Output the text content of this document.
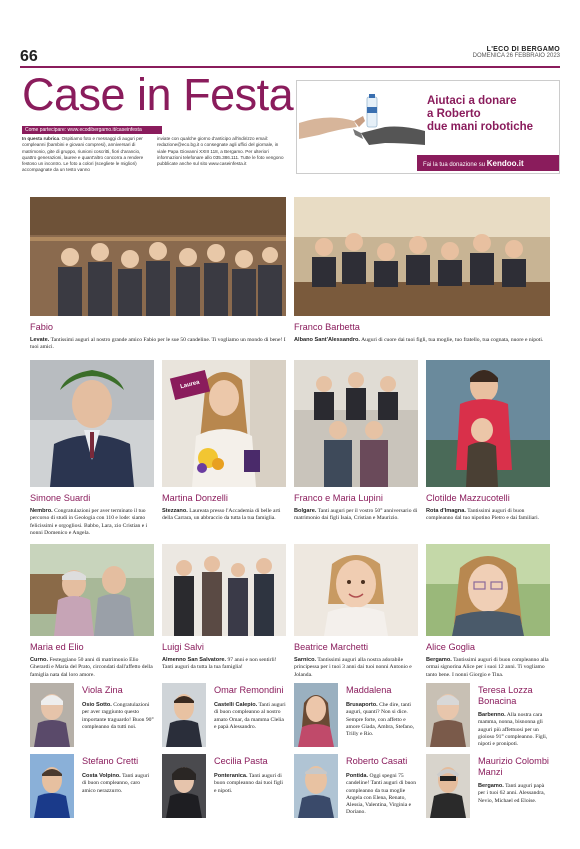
66	L'ECO DI BERGAMO
DOMENICA 26 FEBBRAIO 2023
Case in Festa
Come partecipare: www.ecodibergamo.it/caseinfesta
In questa rubrica. Ospitiamo foto e messaggi di auguri per compleanni (bambini e giovani compresi), anniversari di matrimonio, gite di gruppo, riunioni coscritti, fiori d'arancio, quattro generazioni, lauree e quant'altro concorra a rendere festoso un incontro. Le foto a colori (scegliete le migliori) accompagnate da un testo vanno
inviate con qualche giorno d'anticipo all'indirizzo email: redazione@eco.bg.it o consegnate agli uffici del giornale, in viale Papa Giovanni XXIII 118, a Bergamo. Per ulteriori informazioni telefonare allo 035.386.111. Tutte le foto vengono pubblicate anche sul sito www.caseinfesta.it
Aiutaci a donare
a Roberto
due mani robotiche
Fai la tua donazione su Kendoo.it
Fabio
Levate. Tantissimi auguri al nostro grande amico Fabio per le sue 50 candeline. Ti vogliamo un mondo di bene! I tuoi amici.
Franco Barbetta
Albano Sant'Alessandro. Auguri di cuore dai tuoi figli, tua moglie, tuo fratello, tua cognata, nuore e nipoti.
Simone Suardi
Nembro. Congratulazioni per aver terminato il tuo percorso di studi in Geologia con 110 e lode: siamo felicissimi e orgogliosi. Babbo, Lara, zio Cristian e i nonni Domenico e Angela.
Laurea
Martina Donzelli
Stezzano. Laureata presso l'Accademia di belle arti della Carrara, un abbraccio da tutta la tua famiglia.
Franco e Maria Lupini
Bolgare. Tanti auguri per il vostro 50° anniversario di matrimonio dai figli Isaia, Cristian e Maurizio.
Clotilde Mazzucotelli
Rota d'Imagna. Tantissimi auguri di buon compleanno dal tuo nipotino Pietro e dai familiari.
Maria ed Elio
Curno. Festeggiano 50 anni di matrimonio Elio Gherardi e Maria del Prato, circondati dall'affetto della famiglia nata dal loro amore.
Luigi Salvi
Almenno San Salvatore. 97 anni e non sentirli! Tanti auguri da tutta la tua famiglia!
Beatrice Marchetti
Sarnico. Tantissimi auguri alla nostra adorabile principessa per i tuoi 3 anni dai tuoi nonni Antonio e Jolanda.
Alice Goglia
Bergamo. Tantissimi auguri di buon compleanno alla ormai signorina Alice per i suoi 12 anni. Ti vogliamo tanto bene. I nonni Giorgio e Tina.
Viola Zina
Osio Sotto. Congratulazioni per aver raggiunto questo importante traguardo! Buon 90° compleanno da tutti noi.
Omar Remondini
Castelli Calepio. Tanti auguri di buon compleanno al nostro amato Omar, da mamma Clelia e papà Alessandro.
Maddalena
Brusaporto. Che dire, tanti auguri, quanti? Non si dice. Sempre forte, con affetto e amore Giada, Ambra, Stefano, Trilly e Rio.
Teresa Lozza Bonacina
Barbenno. Alla nostra cara mamma, nonna, bisnonna gli auguri più affettuosi per un gioioso 91° compleanno. Figli, nipoti e pronipoti.
Stefano Cretti
Costa Volpino. Tanti auguri di buon compleanno, caro amico nerazzurro.
Cecilia Pasta
Ponteranica. Tanti auguri di buon compleanno dai tuoi figli e nipoti.
Roberto Casati
Pontida. Oggi spegni 75 candeline! Tanti auguri di buon compleanno da tua moglie Angela con Elena, Renato, Alessia, Valentina, Virginia e Doriano.
Maurizio Colombi Manzi
Bergamo. Tanti auguri papà per i tuoi 62 anni. Alessandra, Nevio, Michael ed Eloise.
